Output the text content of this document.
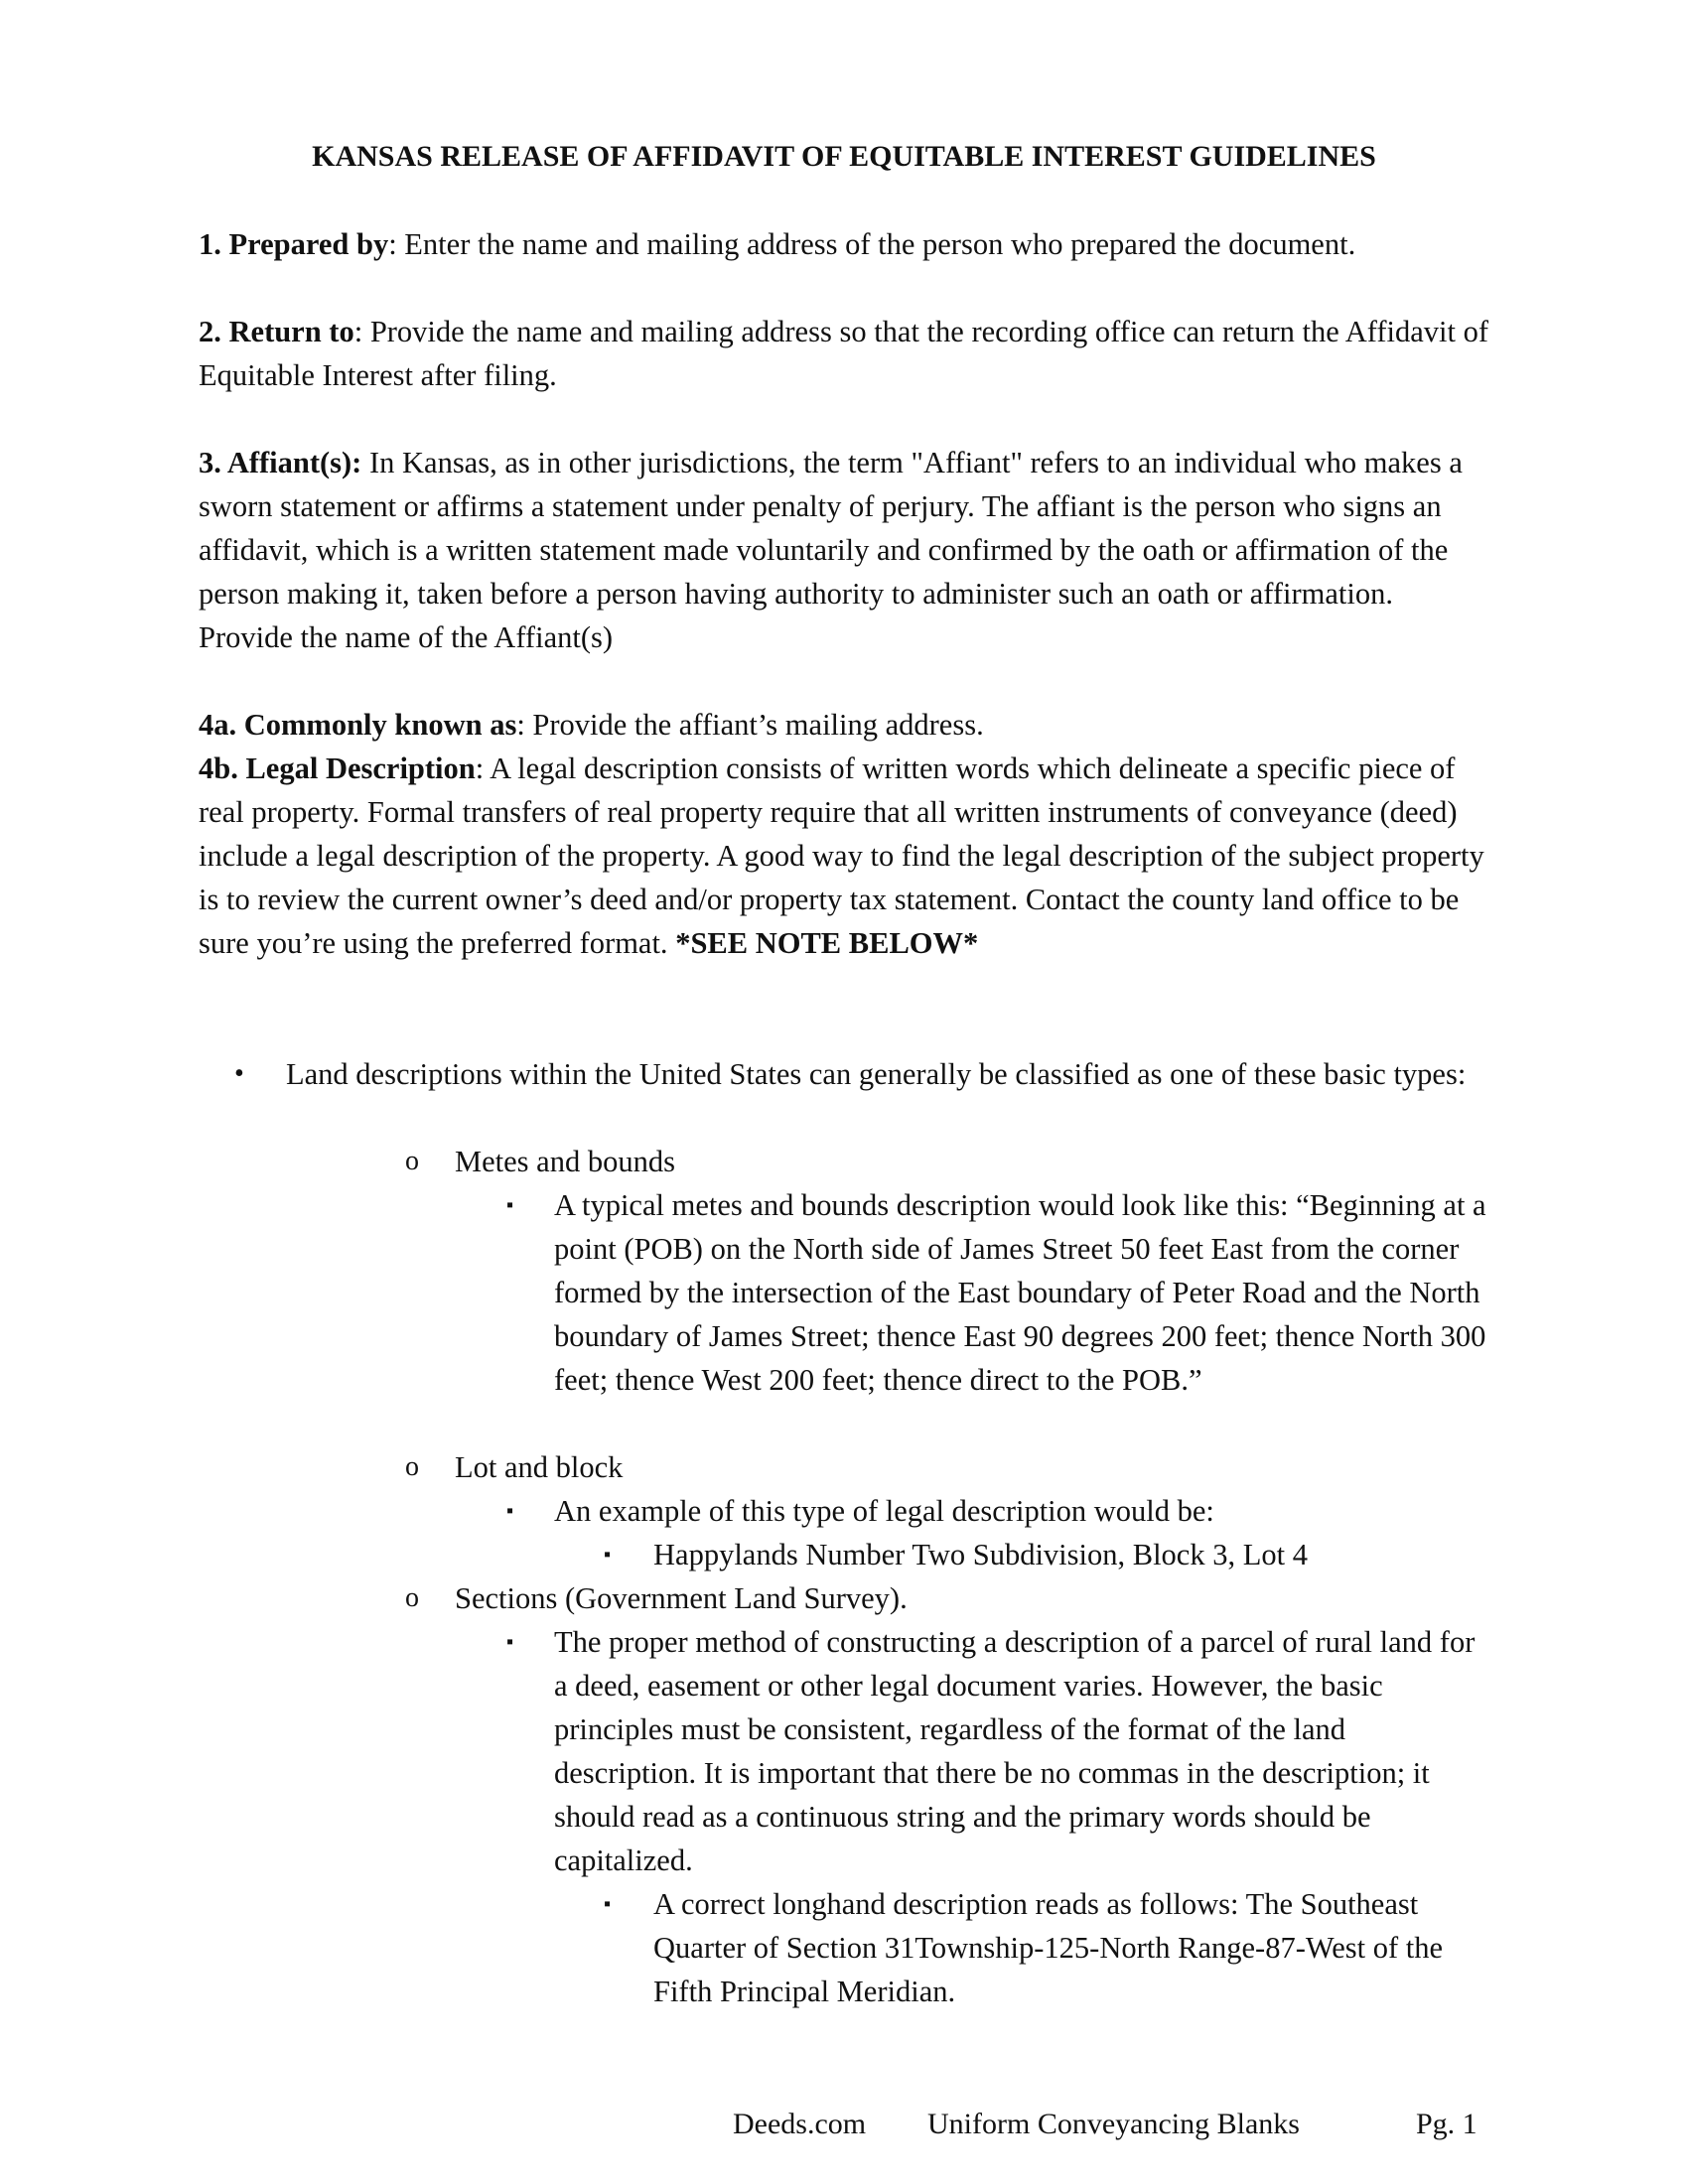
KANSAS RELEASE OF AFFIDAVIT OF EQUITABLE INTEREST GUIDELINES

1. Prepared by: Enter the name and mailing address of the person who prepared the document.

2. Return to: Provide the name and mailing address so that the recording office can return the Affidavit of Equitable Interest after filing.

3. Affiant(s): In Kansas, as in other jurisdictions, the term "Affiant" refers to an individual who makes a sworn statement or affirms a statement under penalty of perjury. The affiant is the person who signs an affidavit, which is a written statement made voluntarily and confirmed by the oath or affirmation of the person making it, taken before a person having authority to administer such an oath or affirmation. Provide the name of the Affiant(s)

4a. Commonly known as: Provide the affiant’s mailing address.

4b. Legal Description: A legal description consists of written words which delineate a specific piece of real property. Formal transfers of real property require that all written instruments of conveyance (deed) include a legal description of the property. A good way to find the legal description of the subject property is to review the current owner’s deed and/or property tax statement. Contact the county land office to be sure you’re using the preferred format. *SEE NOTE BELOW*

• Land descriptions within the United States can generally be classified as one of these basic types:
o Metes and bounds
▪ A typical metes and bounds description would look like this: “Beginning at a point (POB) on the North side of James Street 50 feet East from the corner formed by the intersection of the East boundary of Peter Road and the North boundary of James Street; thence East 90 degrees 200 feet; thence North 300 feet; thence West 200 feet; thence direct to the POB.”
o Lot and block
▪ An example of this type of legal description would be:
▪ Happylands Number Two Subdivision, Block 3, Lot 4
o Sections (Government Land Survey).
▪ The proper method of constructing a description of a parcel of rural land for a deed, easement or other legal document varies. However, the basic principles must be consistent, regardless of the format of the land description. It is important that there be no commas in the description; it should read as a continuous string and the primary words should be capitalized.
▪ A correct longhand description reads as follows: The Southeast Quarter of Section 31Township-125-North Range-87-West of the Fifth Principal Meridian.
Deeds.com Uniform Conveyancing Blanks	Pg. 1
